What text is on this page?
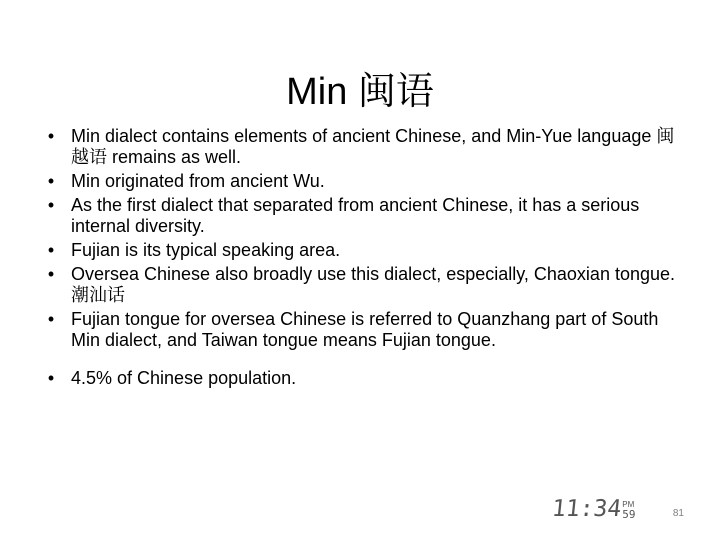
Min 闽语
• Min dialect contains elements of ancient Chinese, and Min-Yue language 闽越语 remains as well.
• Min originated from ancient Wu.
• As the first dialect that separated from ancient Chinese, it has a serious internal diversity.
• Fujian is its typical speaking area.
• Oversea Chinese also broadly use this dialect, especially, Chaoxian tongue. 潮汕话
• Fujian tongue for oversea Chinese is referred to Quanzhang part of South Min dialect, and Taiwan tongue means Fujian tongue.
• 4.5% of Chinese population.
11:34 PM
59	81
